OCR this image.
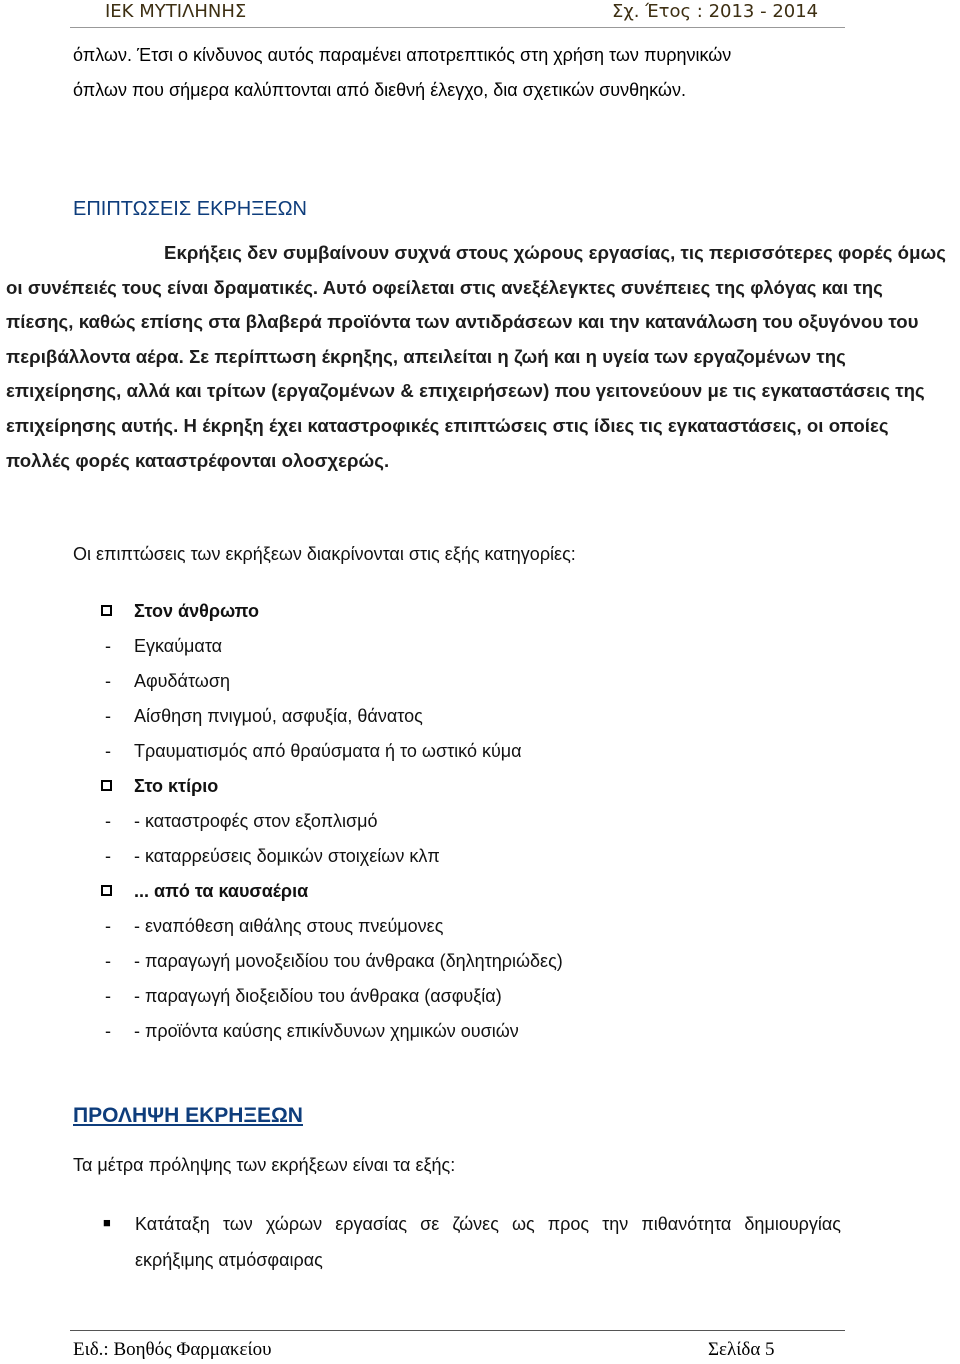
ΙΕΚ ΜΥΤΙΛΗΝΗΣ	Σχ. Έτος : 2013 - 2014
όπλων. Έτσι ο κίνδυνος αυτός παραμένει αποτρεπτικός στη χρήση των πυρηνικών
όπλων που σήμερα καλύπτονται από διεθνή έλεγχο, δια σχετικών συνθηκών.
ΕΠΙΠΤΩΣΕΙΣ ΕΚΡΗΞΕΩΝ
Εκρήξεις δεν συμβαίνουν συχνά στους χώρους εργασίας, τις περισσότερες φορές όμως
οι συνέπειές τους είναι δραματικές. Αυτό οφείλεται στις ανεξέλεγκτες συνέπειες της φλόγας και της
πίεσης, καθώς επίσης στα βλαβερά προϊόντα των αντιδράσεων και την κατανάλωση του οξυγόνου του
περιβάλλοντα αέρα. Σε περίπτωση έκρηξης, απειλείται η ζωή και η υγεία των εργαζομένων της
επιχείρησης, αλλά και τρίτων (εργαζομένων & επιχειρήσεων) που γειτονεύουν με τις εγκαταστάσεις της
επιχείρησης αυτής. Η έκρηξη έχει καταστροφικές επιπτώσεις στις ίδιες τις εγκαταστάσεις, οι οποίες
πολλές φορές καταστρέφονται ολοσχερώς.
Οι επιπτώσεις των εκρήξεων διακρίνονται στις εξής κατηγορίες:
Στον άνθρωπο
- Εγκαύματα
- Αφυδάτωση
- Αίσθηση πνιγμού, ασφυξία, θάνατος
- Τραυματισμός από θραύσματα ή το ωστικό κύμα
Στο κτίριο
- - καταστροφές στον εξοπλισμό
- - καταρρεύσεις δομικών στοιχείων κλπ
... από τα καυσαέρια
- - εναπόθεση αιθάλης στους πνεύμονες
- - παραγωγή μονοξειδίου του άνθρακα (δηλητηριώδες)
- - παραγωγή διοξειδίου του άνθρακα (ασφυξία)
- - προϊόντα καύσης επικίνδυνων χημικών ουσιών
ΠΡΟΛΗΨΗ ΕΚΡΗΞΕΩΝ
Τα μέτρα πρόληψης των εκρήξεων είναι τα εξής:
■ Κατάταξη των χώρων εργασίας σε ζώνες ως προς την πιθανότητα δημιουργίας εκρήξιμης ατμόσφαιρας
Ειδ.: Βοηθός Φαρμακείου	Σελίδα 5
